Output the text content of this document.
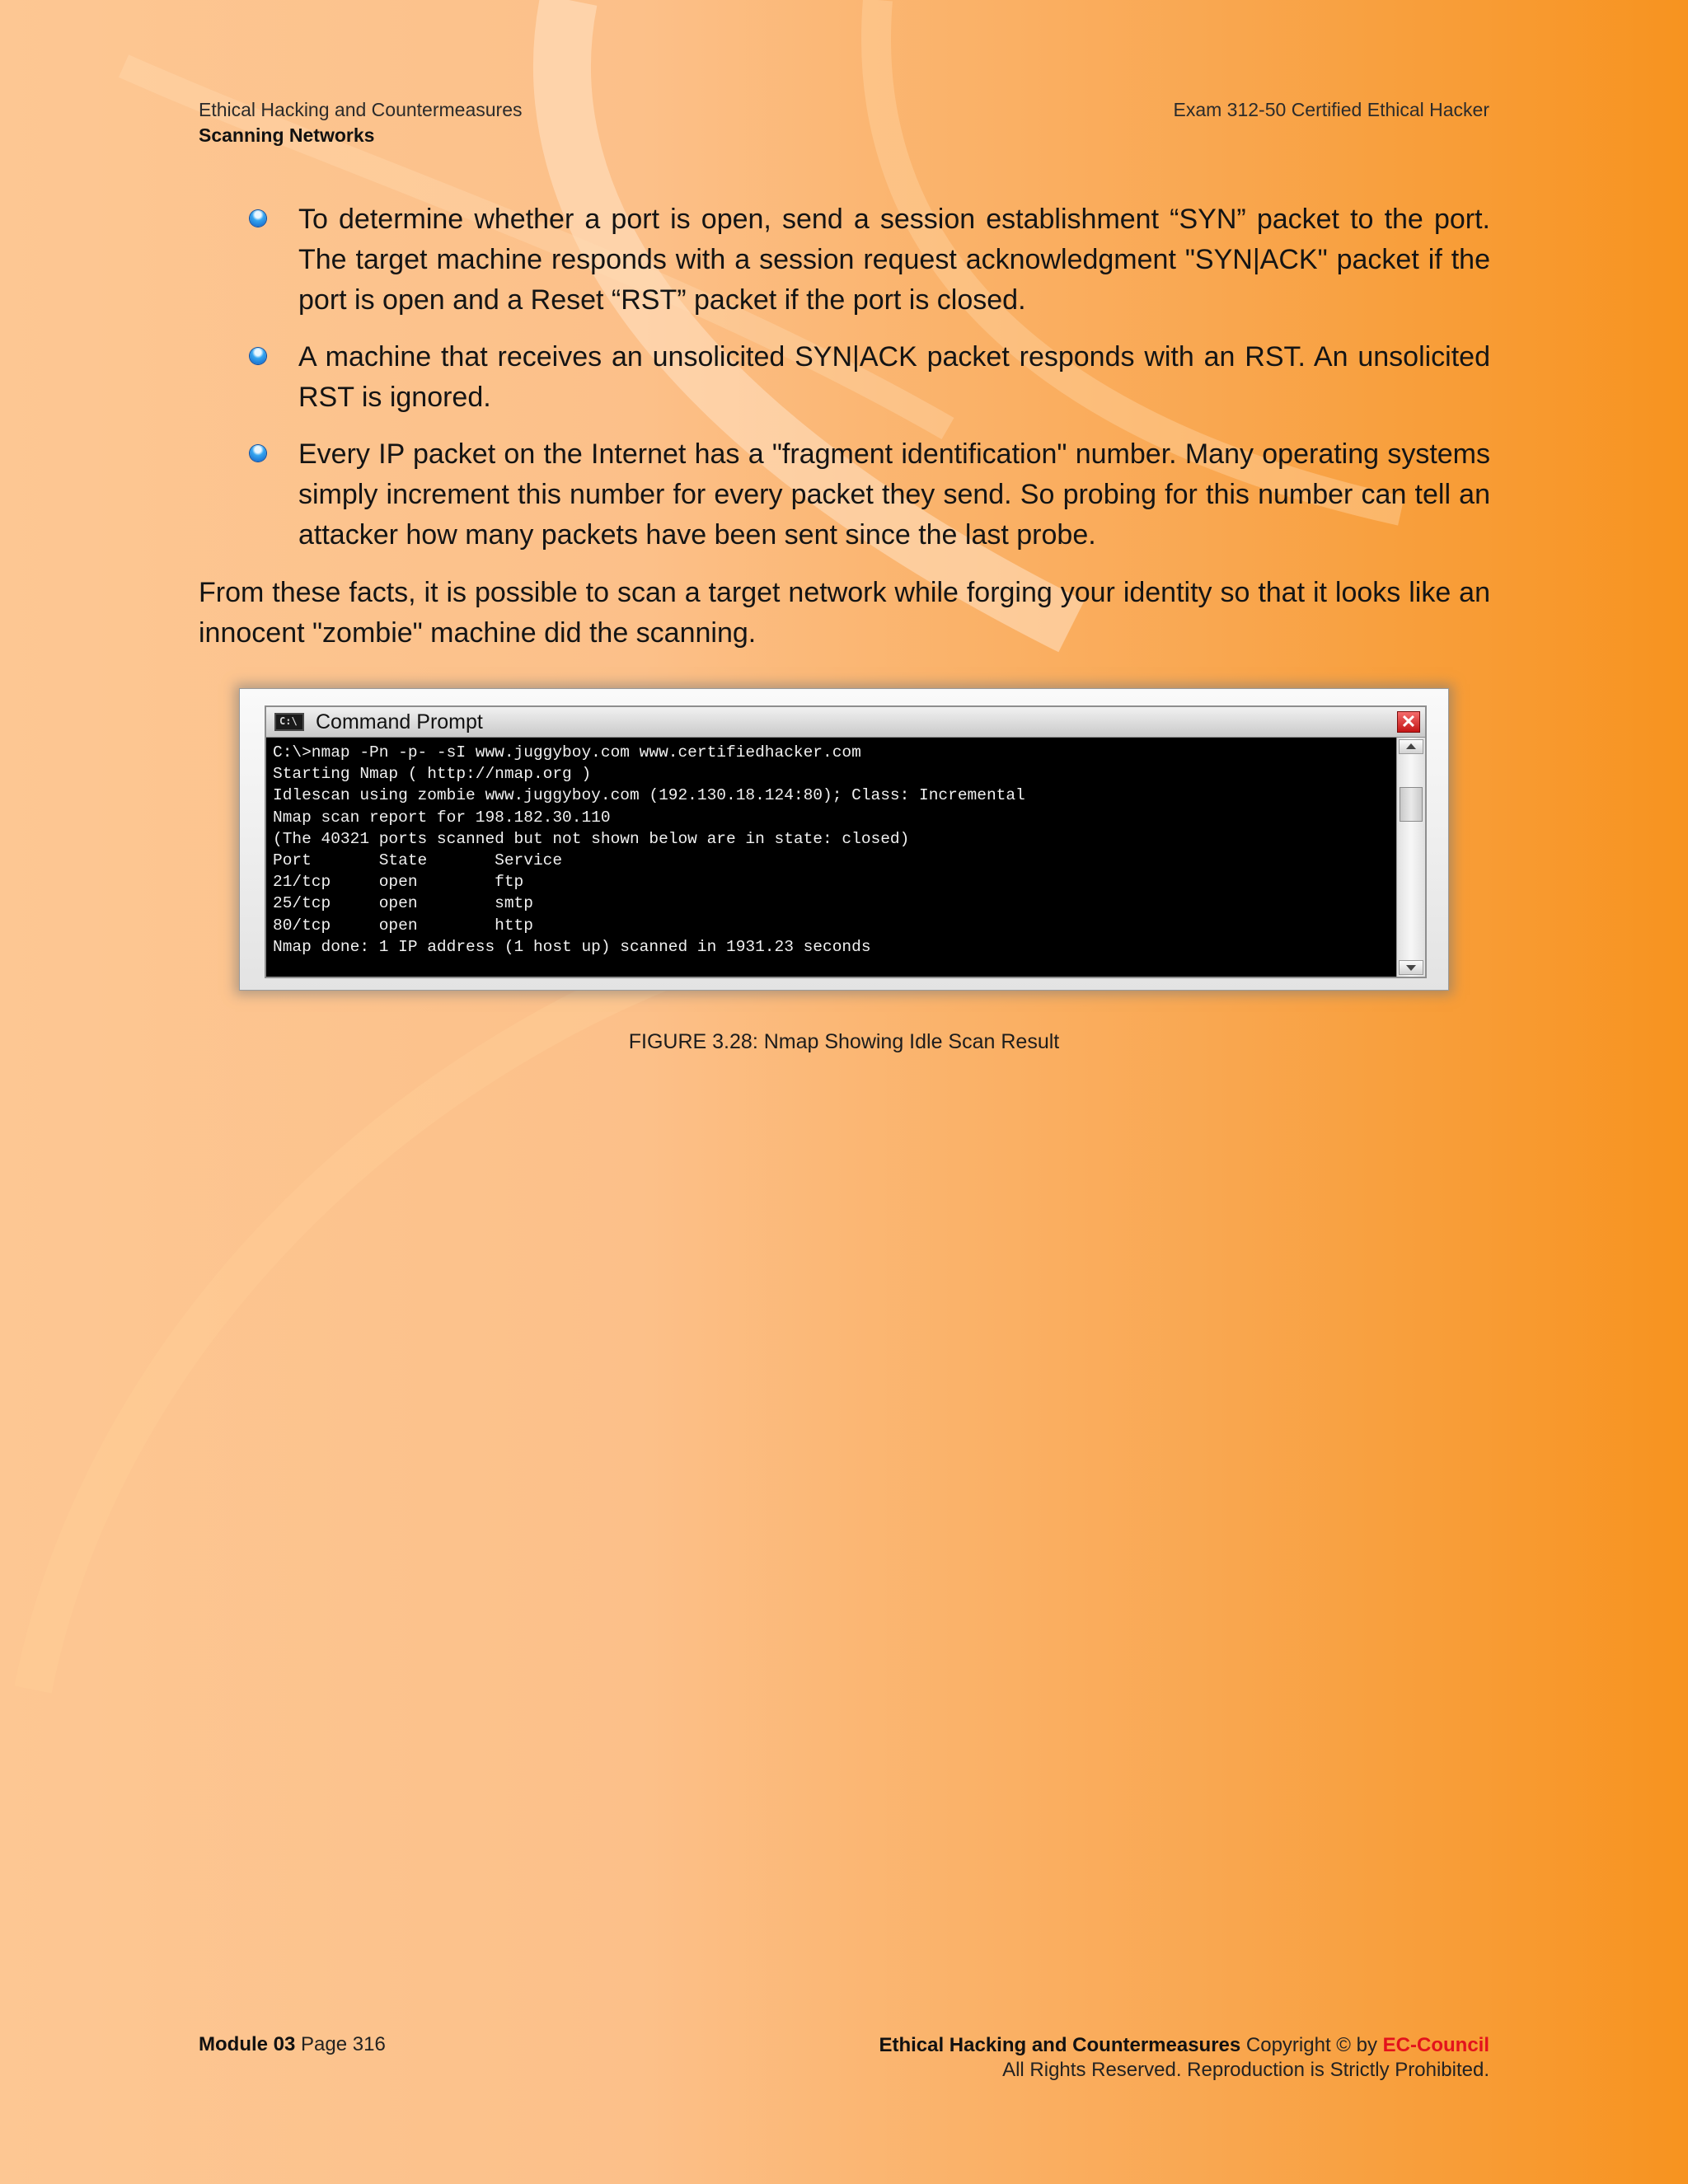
Ethical Hacking and Countermeasures
Scanning Networks
Exam 312-50 Certified Ethical Hacker
To determine whether a port is open, send a session establishment “SYN” packet to the port. The target machine responds with a session request acknowledgment "SYN|ACK" packet if the port is open and a Reset “RST” packet if the port is closed.
A machine that receives an unsolicited SYN|ACK packet responds with an RST. An unsolicited RST is ignored.
Every IP packet on the Internet has a "fragment identification" number. Many operating systems simply increment this number for every packet they send. So probing for this number can tell an attacker how many packets have been sent since the last probe.

From these facts, it is possible to scan a target network while forging your identity so that it looks like an innocent "zombie" machine did the scanning.

C:\ Command Prompt	✕
C:\>nmap -Pn -p- -sI www.juggyboy.com www.certifiedhacker.com
Starting Nmap ( http://nmap.org )
Idlescan using zombie www.juggyboy.com (192.130.18.124:80); Class: Incremental
Nmap scan report for 198.182.30.110
(The 40321 ports scanned but not shown below are in state: closed)
Port       State       Service
21/tcp     open        ftp
25/tcp     open        smtp
80/tcp     open        http
Nmap done: 1 IP address (1 host up) scanned in 1931.23 seconds
FIGURE 3.28: Nmap Showing Idle Scan Result
Module 03 Page 316	Ethical Hacking and Countermeasures Copyright © by EC-Council
All Rights Reserved. Reproduction is Strictly Prohibited.
